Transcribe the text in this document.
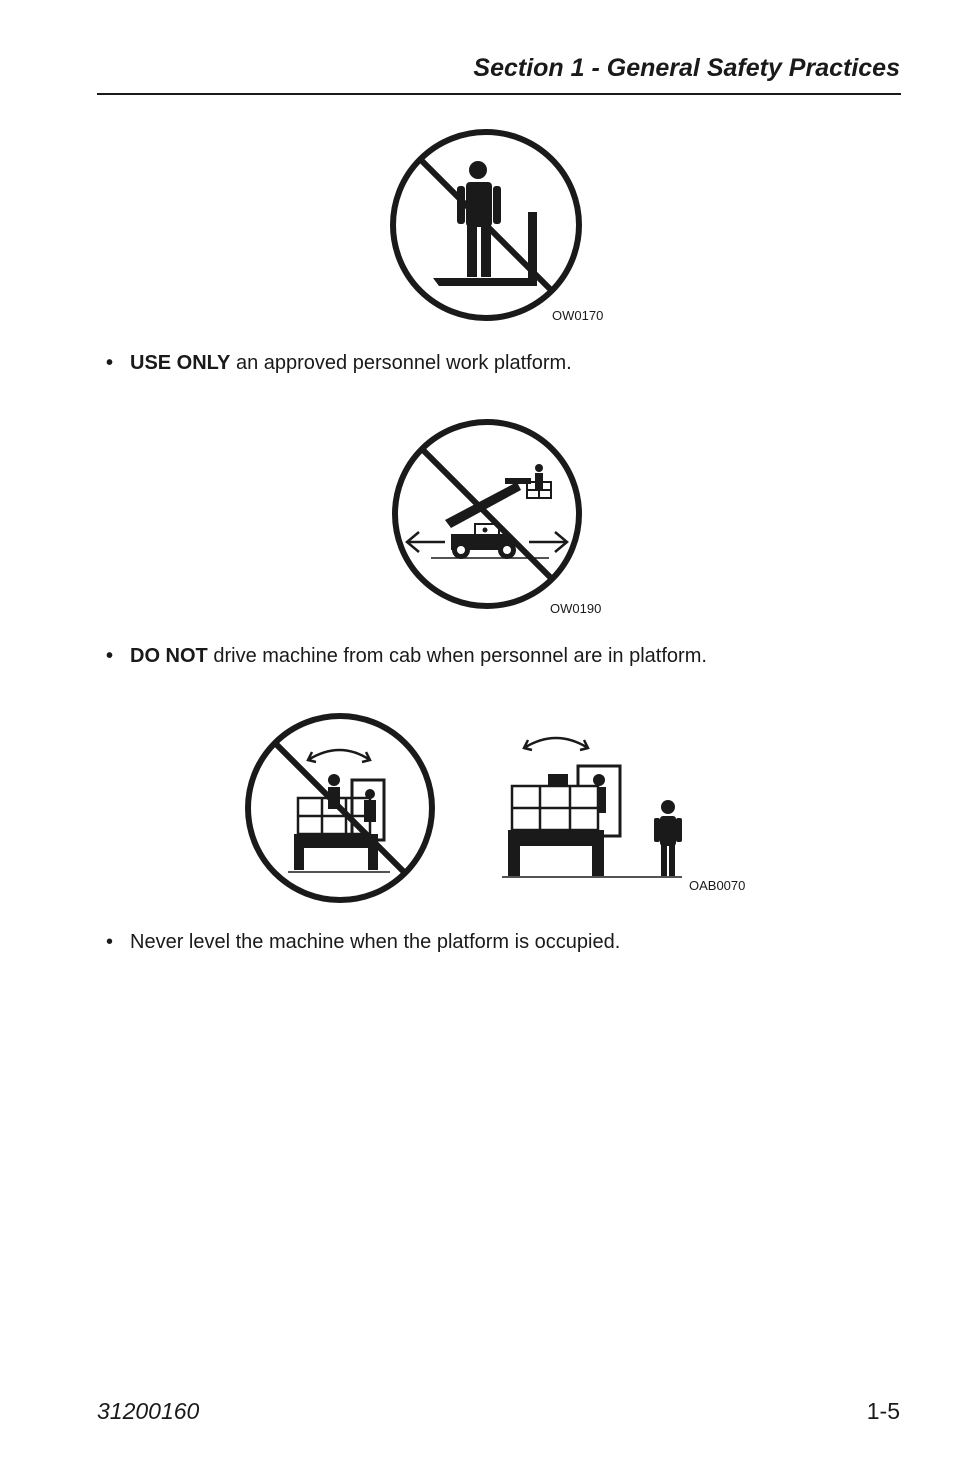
Section 1 - General Safety Practices
OW0170
• USE ONLY an approved personnel work platform.
OW0190
• DO NOT drive machine from cab when personnel are in platform.
OAB0070
• Never level the machine when the platform is occupied.
31200160	1-5
